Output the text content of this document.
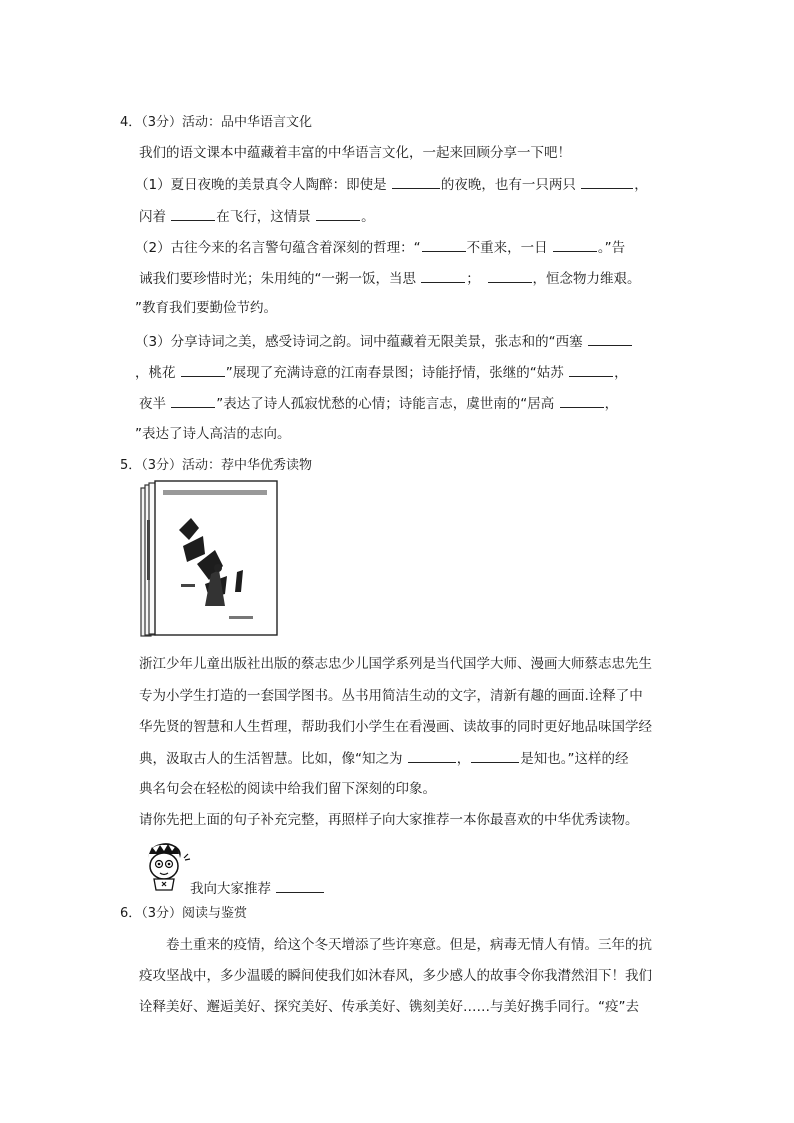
4．（3分）活动：品中华语言文化
我们的语文课本中蕴藏着丰富的中华语言文化，一起来回顾分享一下吧！
（1）夏日夜晚的美景真令人陶醉：即使是	的夜晚，也有一只两只	，
闪着	在飞行，这情景	。
（2）古往今来的名言警句蕴含着深刻的哲理：“	不重来，一日	。”告
诫我们要珍惜时光；朱用纯的“一粥一饭，当思	；　	，恒念物力维艰。
”教育我们要勤俭节约。
（3）分享诗词之美，感受诗词之韵。词中蕴藏着无限美景，张志和的“西塞
，桃花	”展现了充满诗意的江南春景图；诗能抒情，张继的“姑苏	，
夜半	”表达了诗人孤寂忧愁的心情；诗能言志，虞世南的“居高	，
”表达了诗人高洁的志向。
5．（3分）活动：荐中华优秀读物
浙江少年儿童出版社出版的蔡志忠少儿国学系列是当代国学大师、漫画大师蔡志忠先生
专为小学生打造的一套国学图书。丛书用简洁生动的文字，清新有趣的画面.诠释了中
华先贤的智慧和人生哲理，帮助我们小学生在看漫画、读故事的同时更好地品味国学经
典，汲取古人的生活智慧。比如，像“知之为	，	是知也。”这样的经
典名句会在轻松的阅读中给我们留下深刻的印象。
请你先把上面的句子补充完整，再照样子向大家推荐一本你最喜欢的中华优秀读物。
我向大家推荐
6．（3分）阅读与鉴赏
卷土重来的疫情，给这个冬天增添了些许寒意。但是，病毒无情人有情。三年的抗
疫攻坚战中，多少温暖的瞬间使我们如沐春风，多少感人的故事令你我潸然泪下！我们
诠释美好、邂逅美好、探究美好、传承美好、镌刻美好……与美好携手同行。“疫”去
